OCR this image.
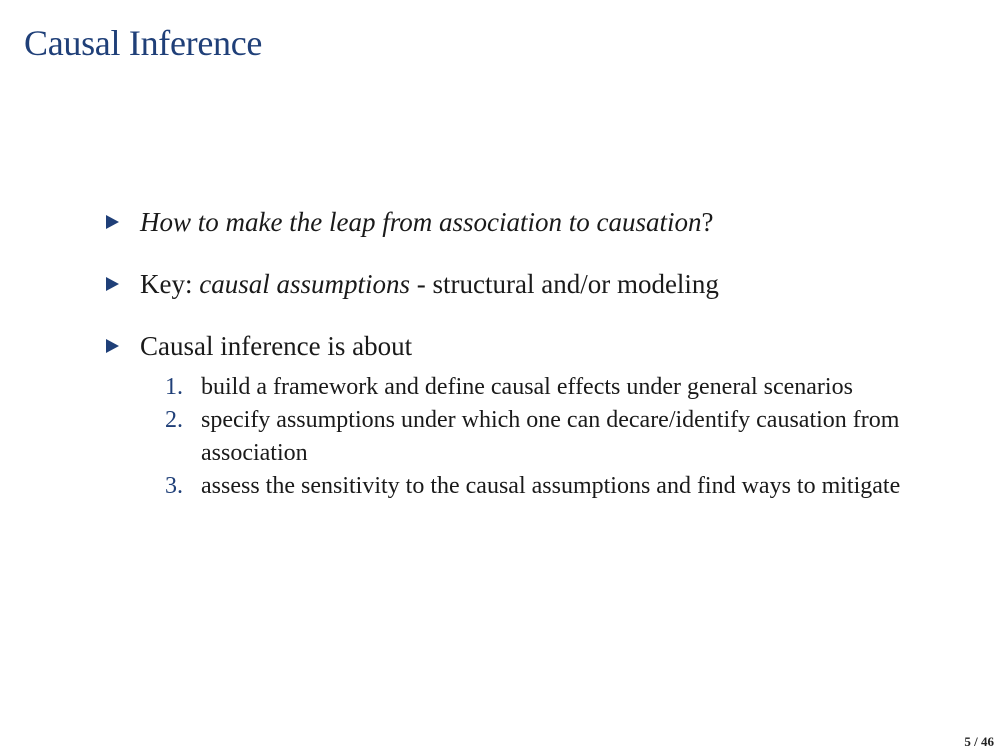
Causal Inference
How to make the leap from association to causation?
Key: causal assumptions - structural and/or modeling
Causal inference is about
1. build a framework and define causal effects under general scenarios
2. specify assumptions under which one can decare/identify causation from association
3. assess the sensitivity to the causal assumptions and find ways to mitigate
5 / 46
